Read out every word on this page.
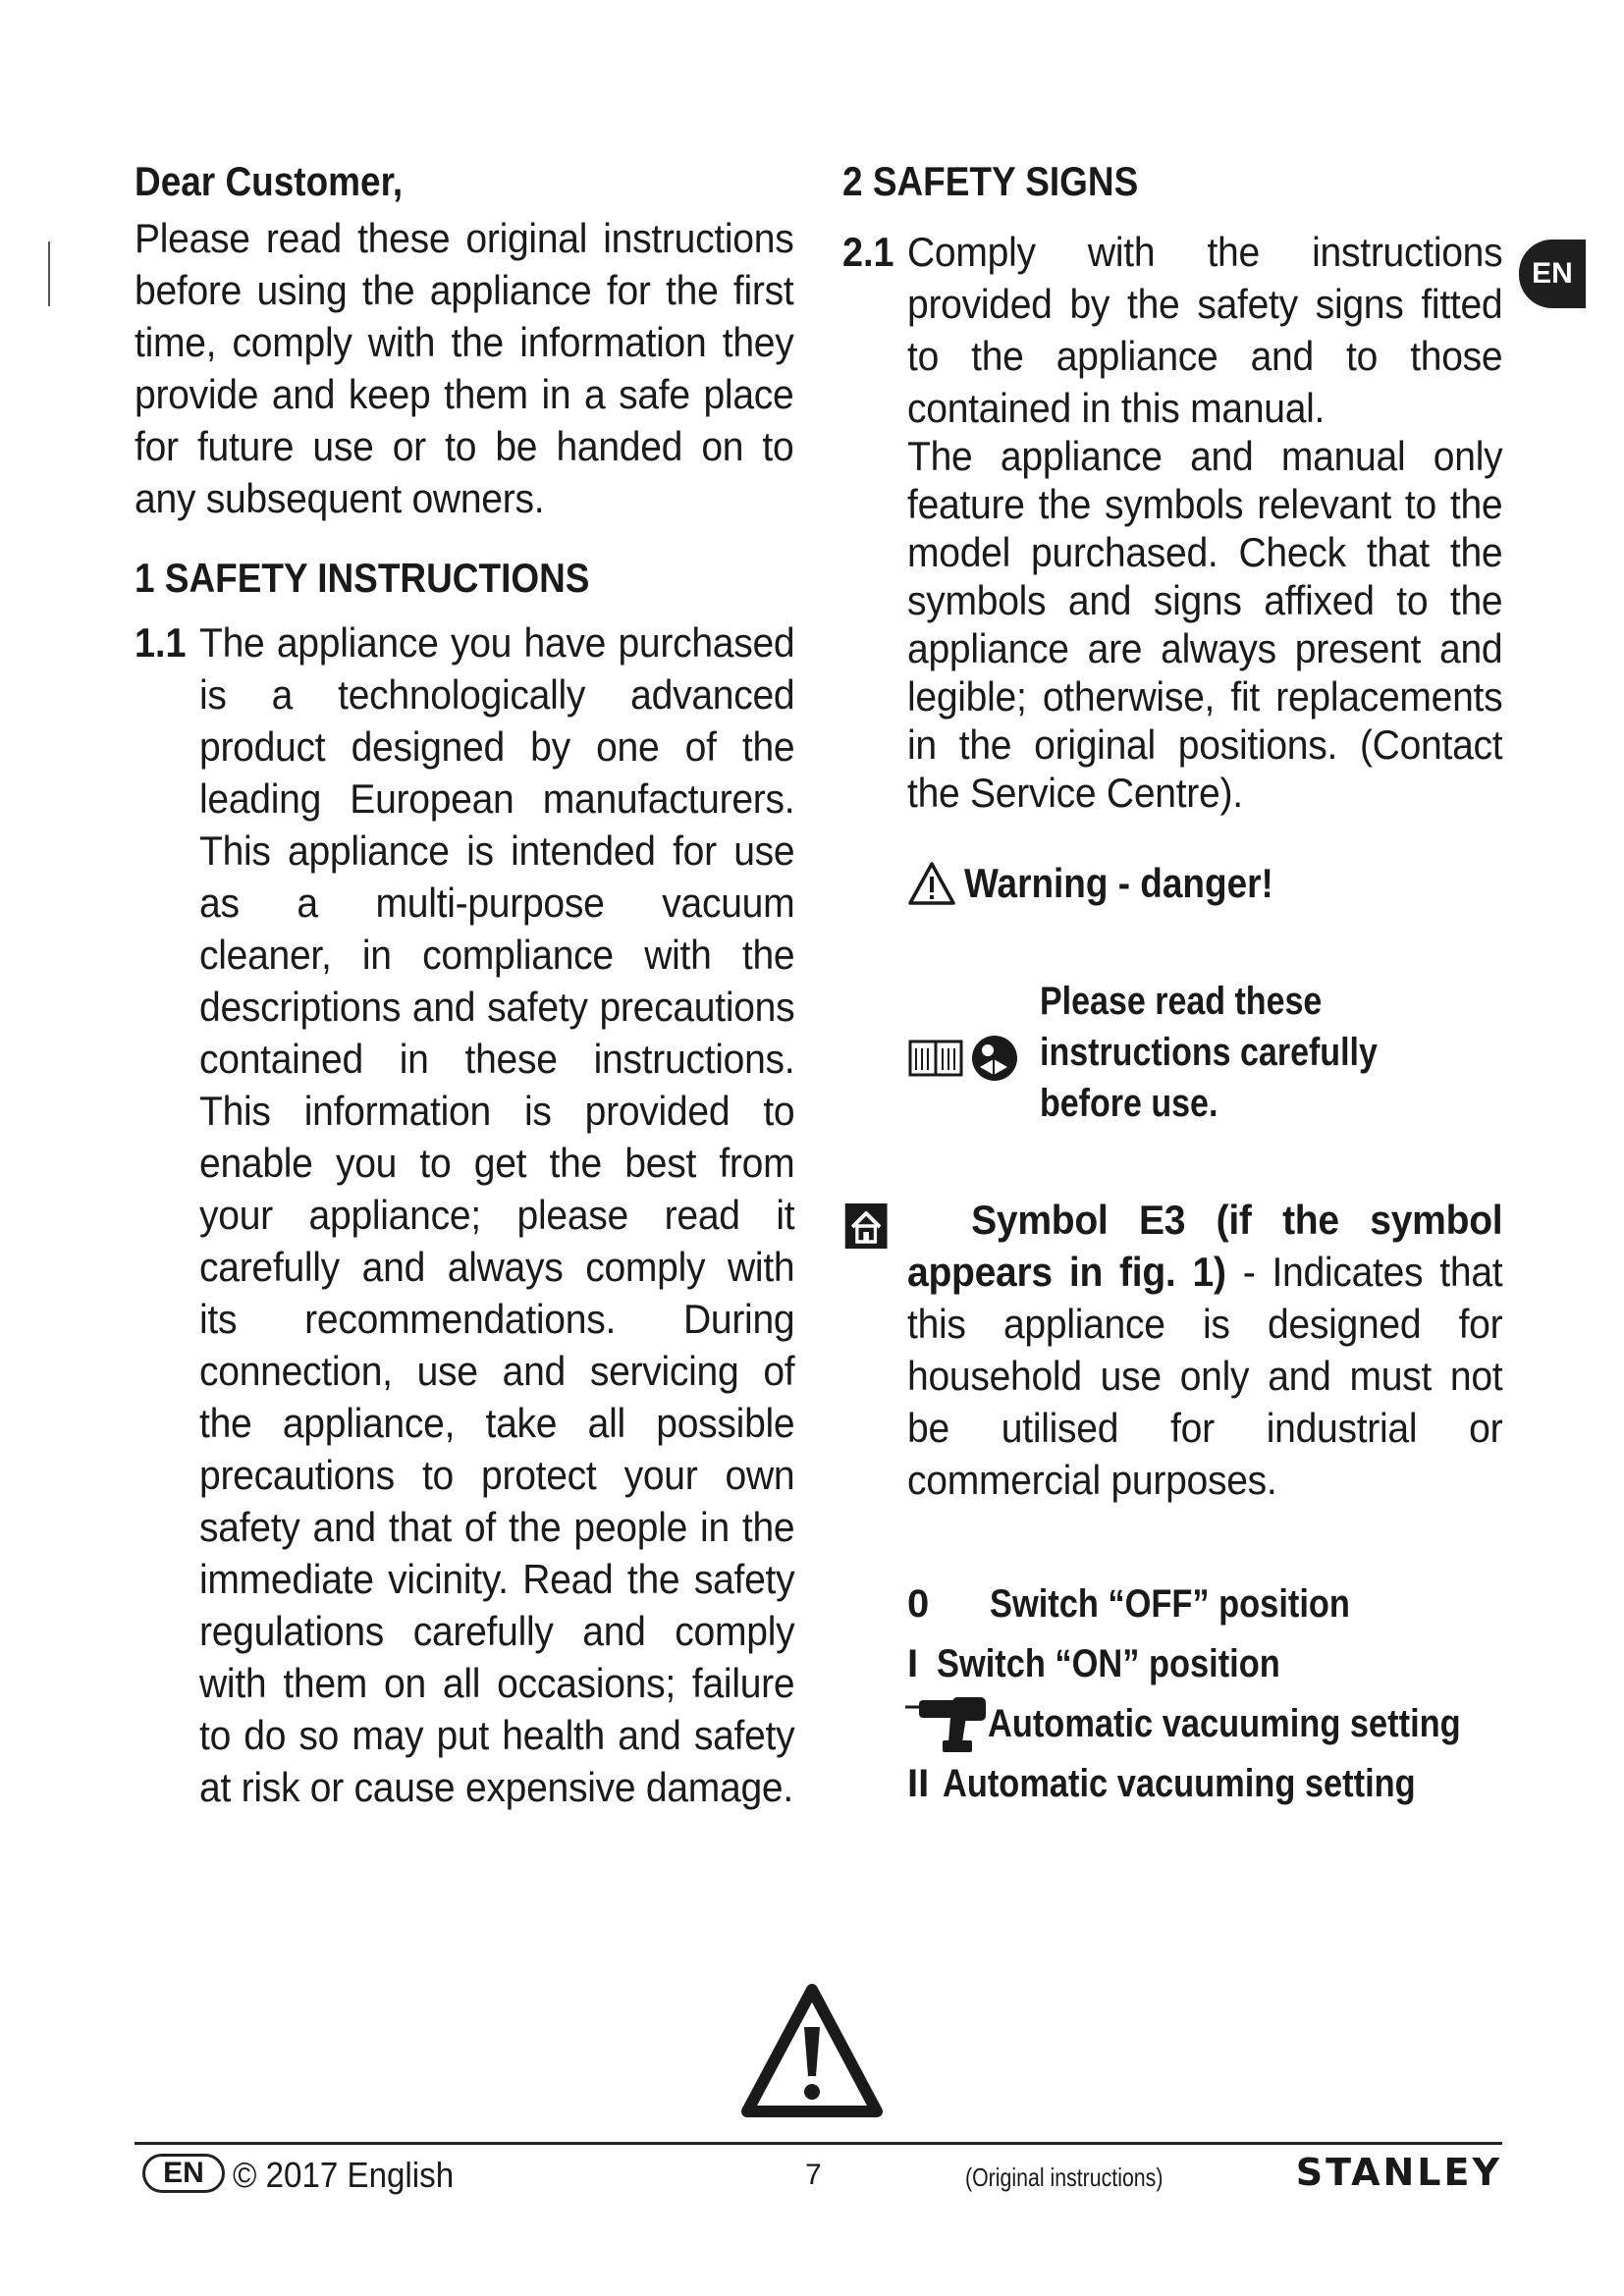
EN

Dear Customer,

Please read these original instructions before using the appliance for the first time, comply with the information they provide and keep them in a safe place for future use or to be handed on to any subsequent owners.

1 SAFETY INSTRUCTIONS

1.1 The appliance you have purchased is a technologically advanced product designed by one of the leading European manufacturers. This appliance is intended for use as a multi-purpose vacuum cleaner, in compliance with the descriptions and safety precautions contained in these instructions. This information is provided to enable you to get the best from your appliance; please read it carefully and always comply with its recommendations. During connection, use and servicing of the appliance, take all possible precautions to protect your own safety and that of the people in the immediate vicinity. Read the safety regulations carefully and comply with them on all occasions; failure to do so may put health and safety at risk or cause expensive damage.

2 SAFETY SIGNS

2.1 Comply with the instructions provided by the safety signs fitted to the appliance and to those contained in this manual.

The appliance and manual only feature the symbols relevant to the model purchased. Check that the symbols and signs affixed to the appliance are always present and legible; otherwise, fit replacements in the original positions. (Contact the Service Centre).

Warning - danger!
Please read these instructions carefully before use.

Symbol E3 (if the symbol appears in fig. 1) - Indicates that this appliance is designed for household use only and must not be utilised for industrial or commercial purposes.

0	Switch “OFF” position
I Switch “ON” position
Automatic vacuuming setting
II Automatic vacuuming setting
EN © 2017 English	7	(Original instructions)	STANLEY
